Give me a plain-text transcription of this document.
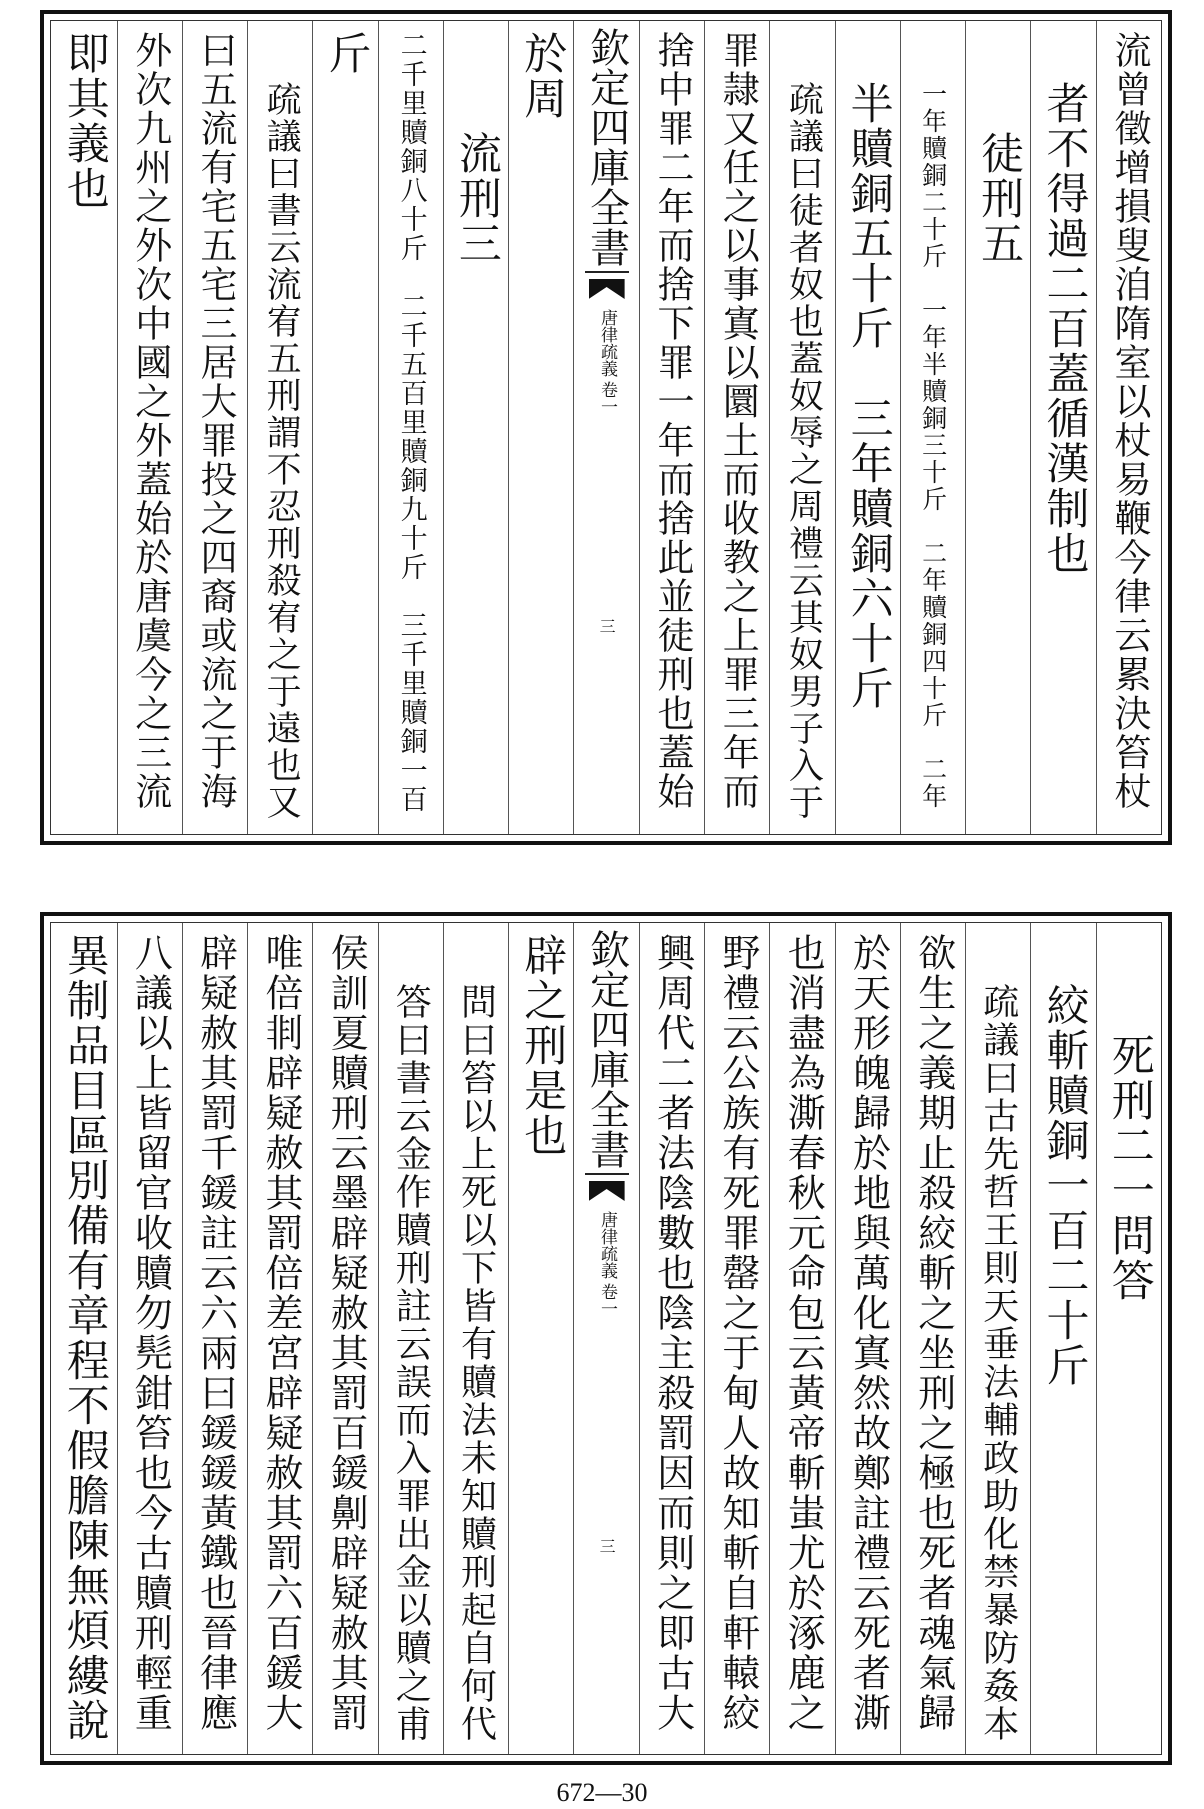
流曾徵增損叟洎隋室以杖易鞭今律云累決笞杖
者不得過二百蓋循漢制也
徒刑五
一年贖銅二十斤　一年半贖銅三十斤　二年贖銅四十斤　二年
半贖銅五十斤　三年贖銅六十斤
疏議曰徒者奴也蓋奴辱之周禮云其奴男子入于
罪隷又任之以事寘以圜土而收教之上罪三年而
捨中罪二年而捨下罪一年而捨此並徒刑也蓋始
欽定四庫全書
唐律疏義
卷一
三
於周
流刑三
二千里贖銅八十斤　二千五百里贖銅九十斤　三千里贖銅一百
斤
疏議曰書云流宥五刑謂不忍刑殺宥之于遠也又
曰五流有宅五宅三居大罪投之四裔或流之于海
外次九州之外次中國之外蓋始於唐虞今之三流
即其義也
死刑二一問答
絞斬贖銅一百二十斤
疏議曰古先哲王則天垂法輔政助化禁暴防姦本
欲生之義期止殺絞斬之坐刑之極也死者魂氣歸
於天形魄歸於地與萬化寘然故鄭註禮云死者澌
也消盡為澌春秋元命包云黃帝斬蚩尤於涿鹿之
野禮云公族有死罪罄之于甸人故知斬自軒轅絞
興周代二者法陰數也陰主殺罰因而則之即古大
欽定四庫全書
唐律疏義
卷一
三
辟之刑是也
問曰笞以上死以下皆有贖法未知贖刑起自何代
答曰書云金作贖刑註云誤而入罪出金以贖之甫
侯訓夏贖刑云墨辟疑赦其罰百鍰劓辟疑赦其罰
唯倍剕辟疑赦其罰倍差宮辟疑赦其罰六百鍰大
辟疑赦其罰千鍰註云六兩曰鍰鍰黃鐵也晉律應
八議以上皆留官收贖勿髡鉗笞也今古贖刑輕重
異制品目區別備有章程不假膽陳無煩縷說
672—30
